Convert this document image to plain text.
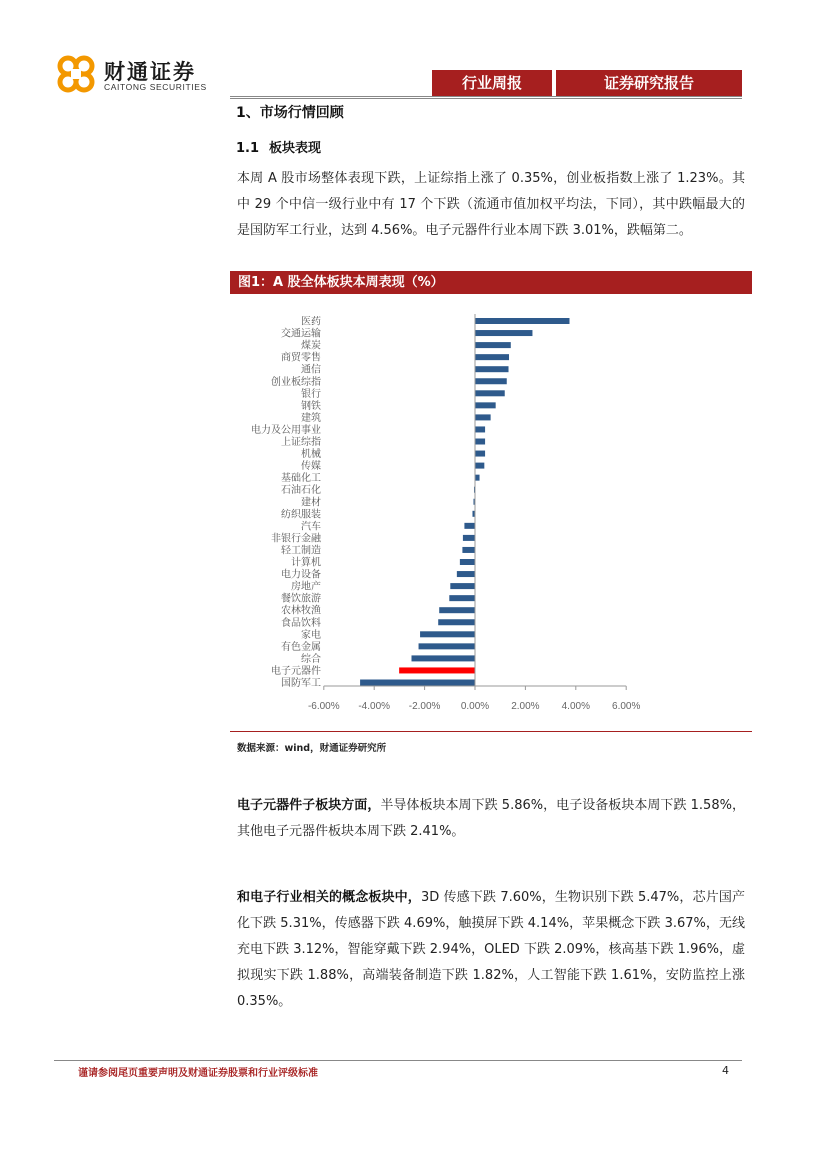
财通证券
CAITONG SECURITIES	行业周报	证券研究报告
1、市场行情回顾
1.1 板块表现
本周 A 股市场整体表现下跌，上证综指上涨了 0.35%，创业板指数上涨了 1.23%。其中 29 个中信一级行业中有 17 个下跌（流通市值加权平均法，下同），其中跌幅最大的是国防军工行业，达到 4.56%。电子元器件行业本周下跌 3.01%，跌幅第二。
图1：A 股全体板块本周表现（%）
医药
交通运输
煤炭
商贸零售
通信
创业板综指
银行
钢铁
建筑
电力及公用事业
上证综指
机械
传媒
基础化工
石油石化
建材
纺织服装
汽车
非银行金融
轻工制造
计算机
电力设备
房地产
餐饮旅游
农林牧渔
食品饮料
家电
有色金属
综合
电子元器件
国防军工
-6.00% -4.00% -2.00% 0.00% 2.00% 4.00% 6.00%
数据来源：wind，财通证券研究所
电子元器件子板块方面，半导体板块本周下跌 5.86%，电子设备板块本周下跌 1.58%，其他电子元器件板块本周下跌 2.41%。
和电子行业相关的概念板块中，3D 传感下跌 7.60%，生物识别下跌 5.47%，芯片国产化下跌 5.31%，传感器下跌 4.69%，触摸屏下跌 4.14%，苹果概念下跌 3.67%，无线充电下跌 3.12%，智能穿戴下跌 2.94%，OLED 下跌 2.09%，核高基下跌 1.96%，虚拟现实下跌 1.88%，高端装备制造下跌 1.82%，人工智能下跌 1.61%，安防监控上涨 0.35%。
谨请参阅尾页重要声明及财通证券股票和行业评级标准	4
